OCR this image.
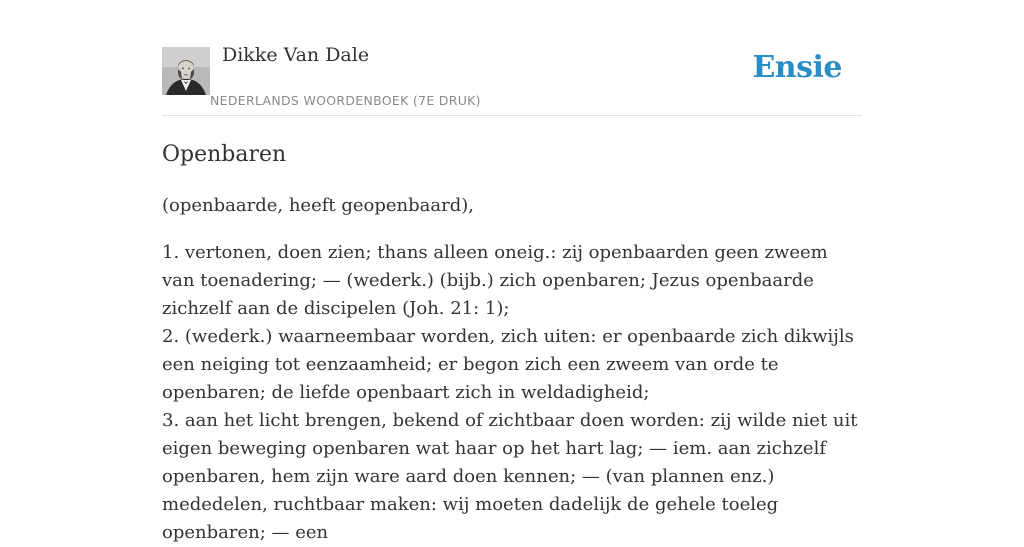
Dikke Van Dale
NEDERLANDS WOORDENBOEK (7E DRUK)
Ensie
Openbaren

(openbaarde, heeft geopenbaard),

1. vertonen, doen zien; thans alleen oneig.: zij openbaarden geen zweem van toenadering; — (wederk.) (bijb.) zich openbaren; Jezus openbaarde zichzelf aan de discipelen (Joh. 21: 1);
2. (wederk.) waarneembaar worden, zich uiten: er openbaarde zich dikwijls een neiging tot eenzaamheid; er begon zich een zweem van orde te openbaren; de liefde openbaart zich in weldadigheid;
3. aan het licht brengen, bekend of zichtbaar doen worden: zij wilde niet uit eigen beweging openbaren wat haar op het hart lag; — iem. aan zichzelf openbaren, hem zijn ware aard doen kennen; — (van plannen enz.) mededelen, ruchtbaar maken: wij moeten dadelijk de gehele toeleg openbaren; — een
